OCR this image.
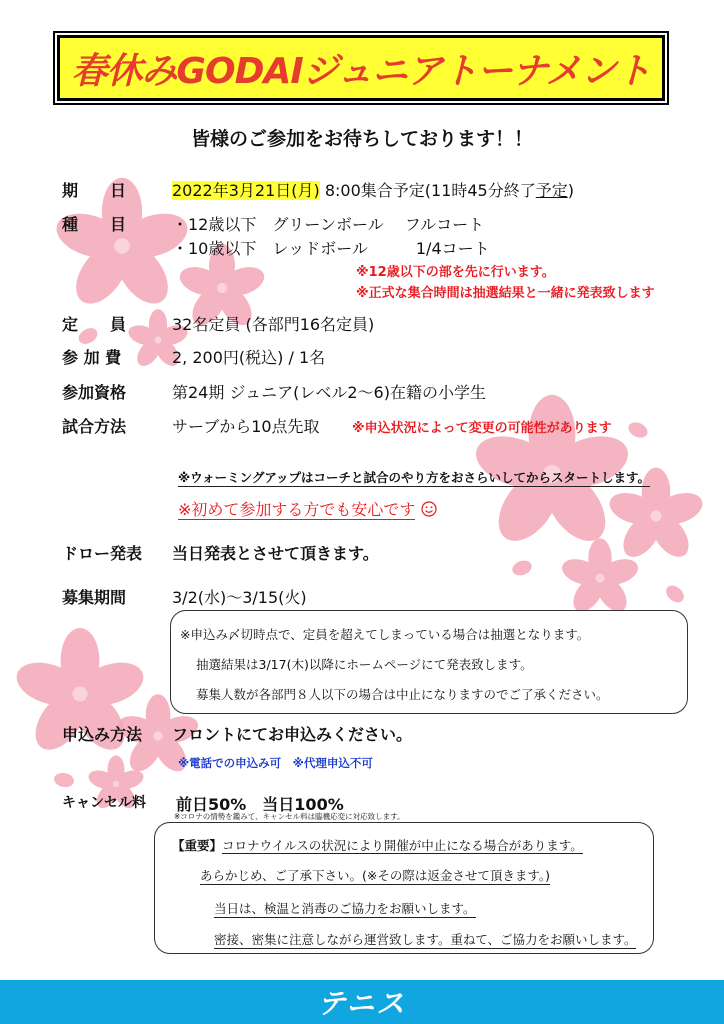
春休みGODAIジュニアトーナメント
皆様のご参加をお待ちしております！！
期　　日	2022年3月21日(月) 8:00集合予定(11時45分終了予定)
種　　目	・12歳以下　グリーンボール　 フルコート
・10歳以下　レッドボール　　　1/4コート
※12歳以下の部を先に行います。
※正式な集合時間は抽選結果と一緒に発表致します
定　　員	32名定員 (各部門16名定員)
参 加 費	2, 200円(税込) / 1名
参加資格	第24期 ジュニア(レベル2～6)在籍の小学生
試合方法	サーブから10点先取 ※申込状況によって変更の可能性があります
※ウォーミングアップはコーチと試合のやり方をおさらいしてからスタートします。
※初めて参加する方でも安心です
ドロー発表 当日発表とさせて頂きます。
募集期間	3/2(水)～3/15(火)
※申込み〆切時点で、定員を超えてしまっている場合は抽選となります。
抽選結果は3/17(木)以降にホームページにて発表致します。
募集人数が各部門８人以下の場合は中止になりますのでご了承ください。
申込み方法 フロントにてお申込みください。
※電話での申込み可　※代理申込不可
キャンセル料 前日50%　当日100%
※コロナの情勢を鑑みて、キャンセル料は臨機応変に対応致します。
【重要】コロナウイルスの状況により開催が中止になる場合があります。
あらかじめ、ご了承下さい。(※その際は返金させて頂きます。)
当日は、検温と消毒のご協力をお願いします。
密接、密集に注意しながら運営致します。重ねて、ご協力をお願いします。
テニス
